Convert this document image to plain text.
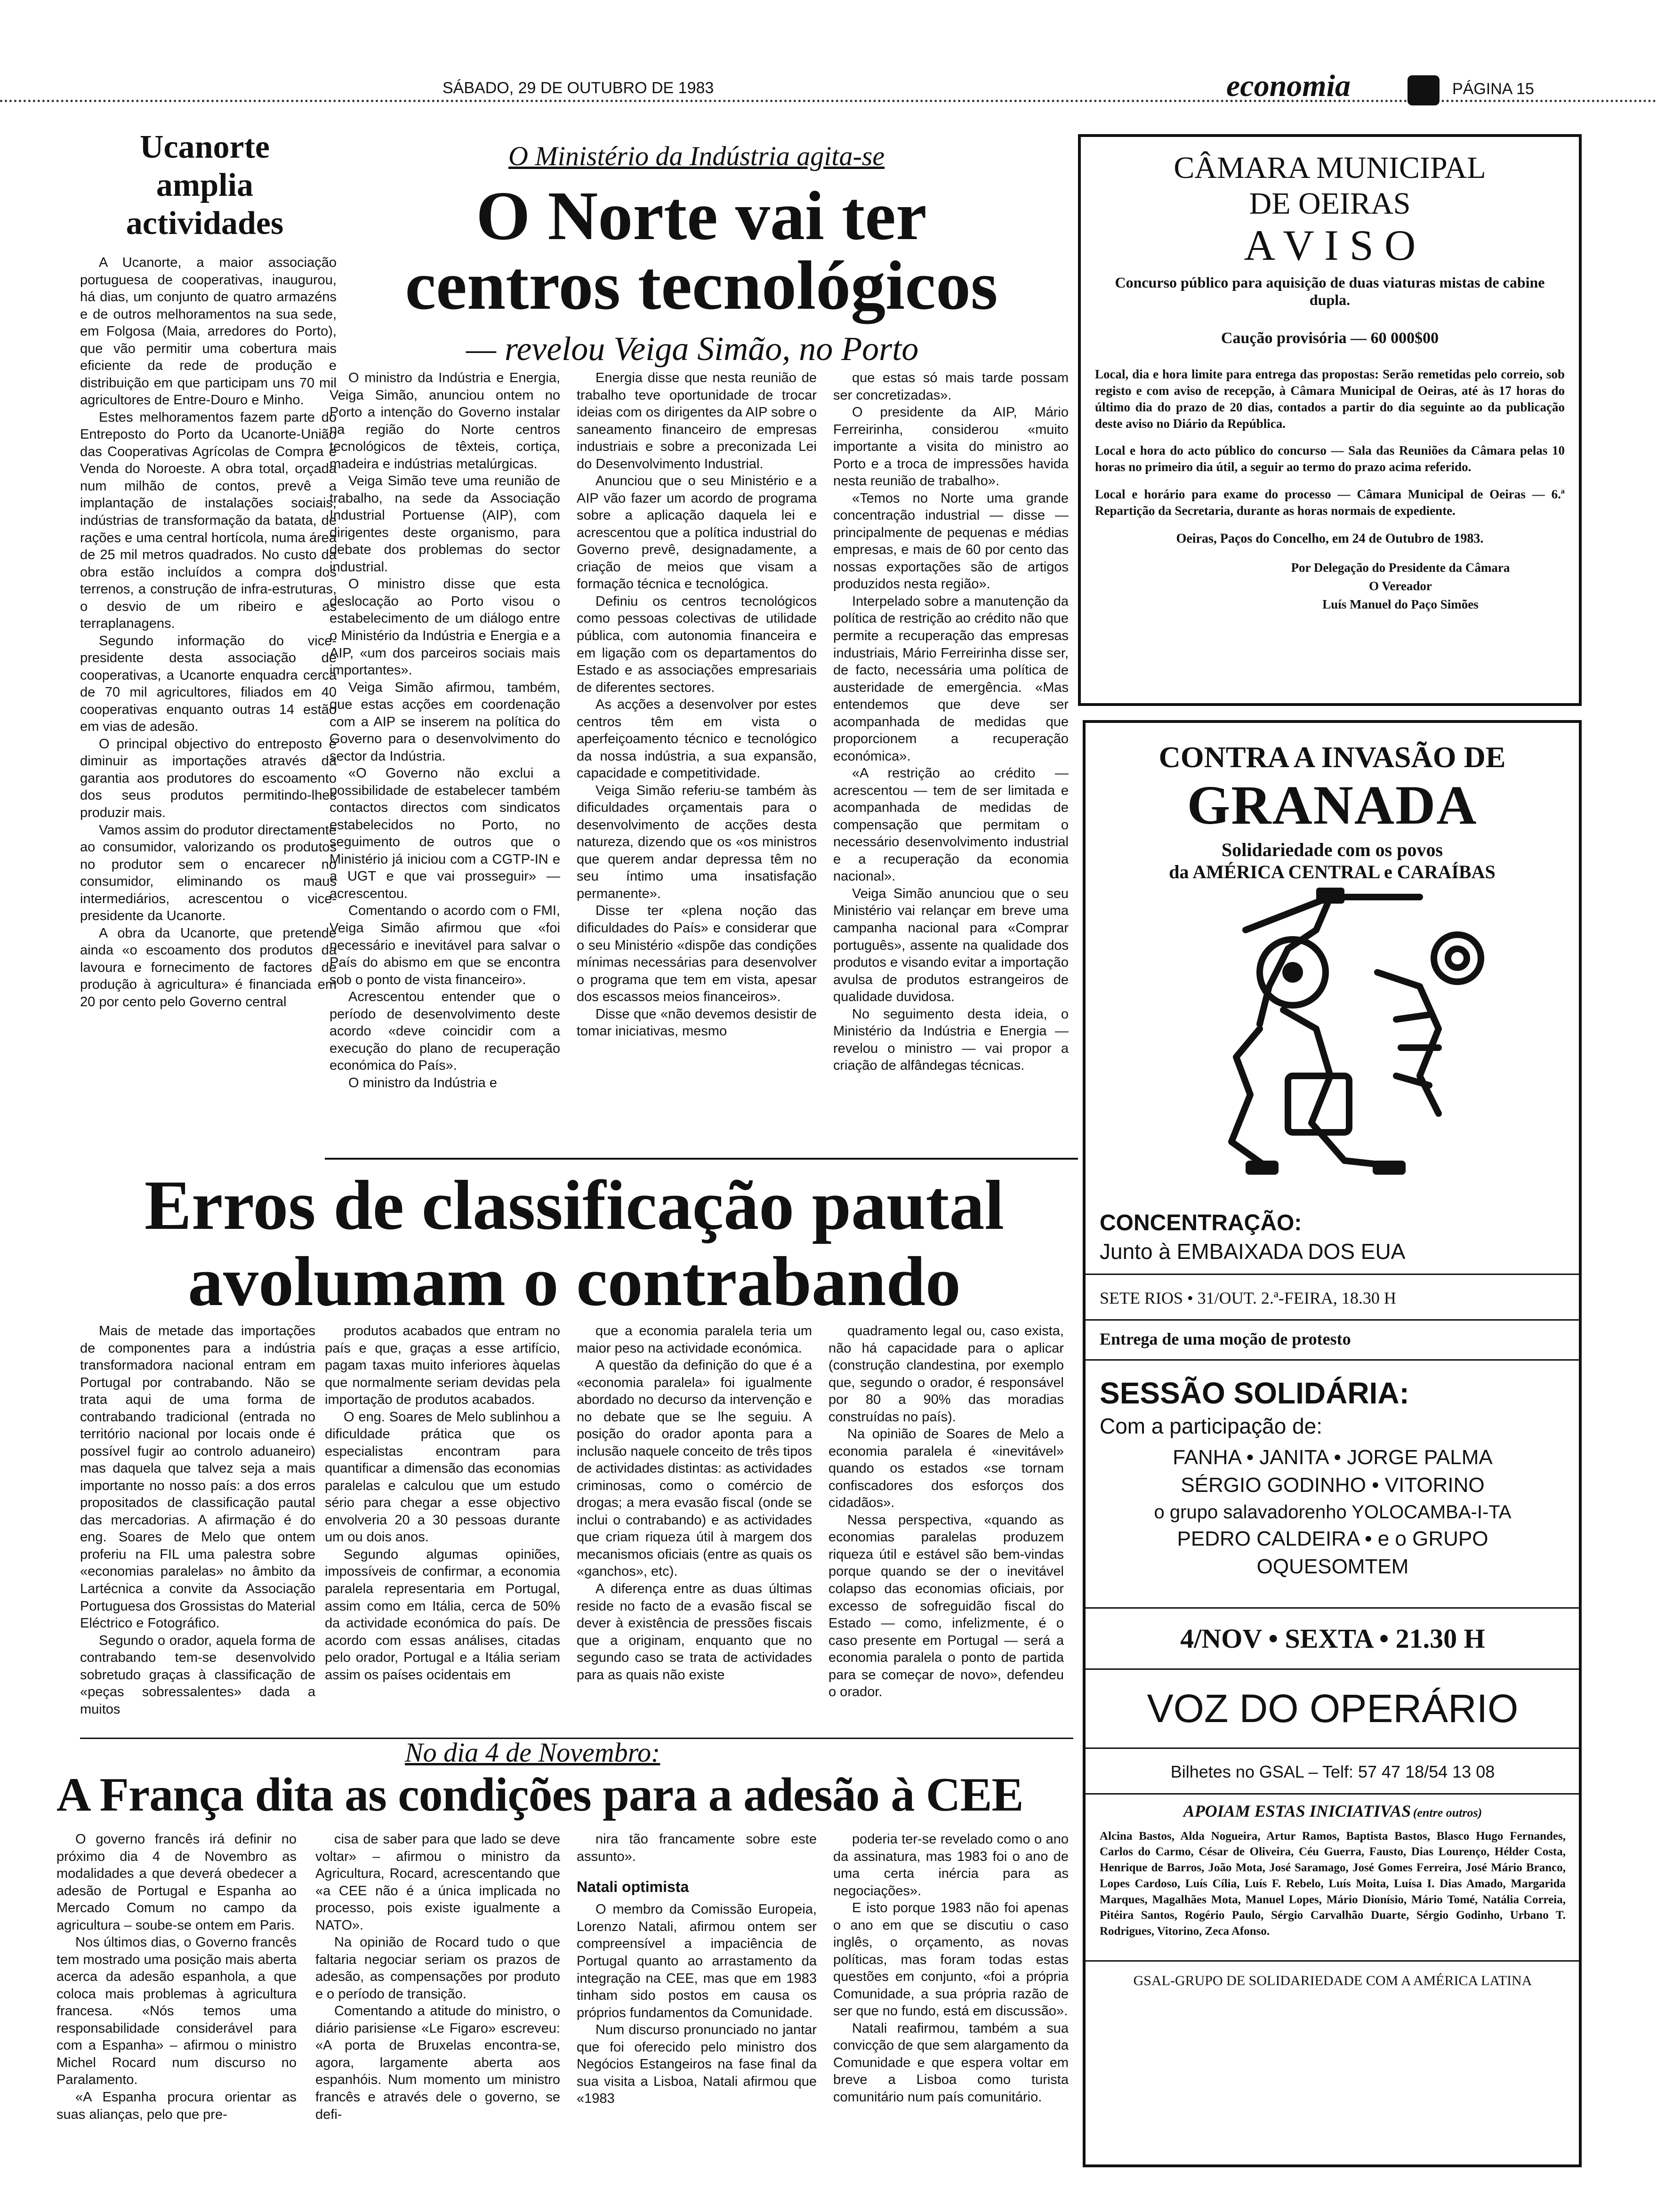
SÁBADO, 29 DE OUTUBRO DE 1983	economia	PÁGINA 15
Ucanorte
amplia
actividades

A Ucanorte, a maior associação portuguesa de cooperativas, inaugurou, há dias, um conjunto de quatro armazéns e de outros melhoramentos na sua sede, em Folgosa (Maia, arredores do Porto), que vão permitir uma cobertura mais eficiente da rede de produção e distribuição em que participam uns 70 mil agricultores de Entre-Douro e Minho.

Estes melhoramentos fazem parte do Entreposto do Porto da Ucanorte-União das Cooperativas Agrícolas de Compra e Venda do Noroeste. A obra total, orçada num milhão de contos, prevê a implantação de instalações sociais, indústrias de transformação da batata, de rações e uma central hortícola, numa área de 25 mil metros quadrados. No custo da obra estão incluídos a compra dos terrenos, a construção de infra-estruturas, o desvio de um ribeiro e as terraplanagens.

Segundo informação do vice-presidente desta associação de cooperativas, a Ucanorte enquadra cerca de 70 mil agricultores, filiados em 40 cooperativas enquanto outras 14 estão em vias de adesão.

O principal objectivo do entreposto é diminuir as importações através da garantia aos produtores do escoamento dos seus produtos permitindo-lhes produzir mais.

Vamos assim do produtor directamente ao consumidor, valorizando os produtos no produtor sem o encarecer no consumidor, eliminando os maus intermediários, acrescentou o vice-presidente da Ucanorte.

A obra da Ucanorte, que pretende ainda «o escoamento dos produtos da lavoura e fornecimento de factores de produção à agricultura» é financiada em 20 por cento pelo Governo central

O Ministério da Indústria agita-se
O Norte vai ter
centros tecnológicos
— revelou Veiga Simão, no Porto

O ministro da Indústria e Energia, Veiga Simão, anunciou ontem no Porto a intenção do Governo instalar na região do Norte centros tecnológicos de têxteis, cortiça, madeira e indústrias metalúrgicas.

Veiga Simão teve uma reunião de trabalho, na sede da Associação Industrial Portuense (AIP), com dirigentes deste organismo, para debate dos problemas do sector industrial.

O ministro disse que esta deslocação ao Porto visou o estabelecimento de um diálogo entre o Ministério da Indústria e Energia e a AIP, «um dos parceiros sociais mais importantes».

Veiga Simão afirmou, também, que estas acções em coordenação com a AIP se inserem na política do Governo para o desenvolvimento do sector da Indústria.

«O Governo não exclui a possibilidade de estabelecer também contactos directos com sindicatos estabelecidos no Porto, no seguimento de outros que o Ministério já iniciou com a CGTP-IN e a UGT e que vai prosseguir» — acrescentou.

Comentando o acordo com o FMI, Veiga Simão afirmou que «foi necessário e inevitável para salvar o País do abismo em que se encontra sob o ponto de vista financeiro».

Acrescentou entender que o período de desenvolvimento deste acordo «deve coincidir com a execução do plano de recuperação económica do País».

O ministro da Indústria e

Energia disse que nesta reunião de trabalho teve oportunidade de trocar ideias com os dirigentes da AIP sobre o saneamento financeiro de empresas industriais e sobre a preconizada Lei do Desenvolvimento Industrial.

Anunciou que o seu Ministério e a AIP vão fazer um acordo de programa sobre a aplicação daquela lei e acrescentou que a política industrial do Governo prevê, designadamente, a criação de meios que visam a formação técnica e tecnológica.

Definiu os centros tecnológicos como pessoas colectivas de utilidade pública, com autonomia financeira e em ligação com os departamentos do Estado e as associações empresariais de diferentes sectores.

As acções a desenvolver por estes centros têm em vista o aperfeiçoamento técnico e tecnológico da nossa indústria, a sua expansão, capacidade e competitividade.

Veiga Simão referiu-se também às dificuldades orçamentais para o desenvolvimento de acções desta natureza, dizendo que os «os ministros que querem andar depressa têm no seu íntimo uma insatisfação permanente».

Disse ter «plena noção das dificuldades do País» e considerar que o seu Ministério «dispõe das condições mínimas necessárias para desenvolver o programa que tem em vista, apesar dos escassos meios financeiros».

Disse que «não devemos desistir de tomar iniciativas, mesmo

que estas só mais tarde possam ser concretizadas».

O presidente da AIP, Mário Ferreirinha, considerou «muito importante a visita do ministro ao Porto e a troca de impressões havida nesta reunião de trabalho».

«Temos no Norte uma grande concentração industrial — disse — principalmente de pequenas e médias empresas, e mais de 60 por cento das nossas exportações são de artigos produzidos nesta região».

Interpelado sobre a manutenção da política de restrição ao crédito não que permite a recuperação das empresas industriais, Mário Ferreirinha disse ser, de facto, necessária uma política de austeridade de emergência. «Mas entendemos que deve ser acompanhada de medidas que proporcionem a recuperação económica».

«A restrição ao crédito — acrescentou — tem de ser limitada e acompanhada de medidas de compensação que permitam o necessário desenvolvimento industrial e a recuperação da economia nacional».

Veiga Simão anunciou que o seu Ministério vai relançar em breve uma campanha nacional para «Comprar português», assente na qualidade dos produtos e visando evitar a importação avulsa de produtos estrangeiros de qualidade duvidosa.

No seguimento desta ideia, o Ministério da Indústria e Energia — revelou o ministro — vai propor a criação de alfândegas técnicas.

Erros de classificação pautal
avolumam o contrabando

Mais de metade das importações de componentes para a indústria transformadora nacional entram em Portugal por contrabando. Não se trata aqui de uma forma de contrabando tradicional (entrada no território nacional por locais onde é possível fugir ao controlo aduaneiro) mas daquela que talvez seja a mais importante no nosso país: a dos erros propositados de classificação pautal das mercadorias. A afirmação é do eng. Soares de Melo que ontem proferiu na FIL uma palestra sobre «economias paralelas» no âmbito da Lartécnica a convite da Associação Portuguesa dos Grossistas do Material Eléctrico e Fotográfico.

Segundo o orador, aquela forma de contrabando tem-se desenvolvido sobretudo graças à classificação de «peças sobressalentes» dada a muitos

produtos acabados que entram no país e que, graças a esse artifício, pagam taxas muito inferiores àquelas que normalmente seriam devidas pela importação de produtos acabados.

O eng. Soares de Melo sublinhou a dificuldade prática que os especialistas encontram para quantificar a dimensão das economias paralelas e calculou que um estudo sério para chegar a esse objectivo envolveria 20 a 30 pessoas durante um ou dois anos.

Segundo algumas opiniões, impossíveis de confirmar, a economia paralela representaria em Portugal, assim como em Itália, cerca de 50% da actividade económica do país. De acordo com essas análises, citadas pelo orador, Portugal e a Itália seriam assim os países ocidentais em

que a economia paralela teria um maior peso na actividade económica.

A questão da definição do que é a «economia paralela» foi igualmente abordado no decurso da intervenção e no debate que se lhe seguiu. A posição do orador aponta para a inclusão naquele conceito de três tipos de actividades distintas: as actividades criminosas, como o comércio de drogas; a mera evasão fiscal (onde se inclui o contrabando) e as actividades que criam riqueza útil à margem dos mecanismos oficiais (entre as quais os «ganchos», etc).

A diferença entre as duas últimas reside no facto de a evasão fiscal se dever à existência de pressões fiscais que a originam, enquanto que no segundo caso se trata de actividades para as quais não existe

quadramento legal ou, caso exista, não há capacidade para o aplicar (construção clandestina, por exemplo que, segundo o orador, é responsável por 80 a 90% das moradias construídas no país).

Na opinião de Soares de Melo a economia paralela é «inevitável» quando os estados «se tornam confiscadores dos esforços dos cidadãos».

Nessa perspectiva, «quando as economias paralelas produzem riqueza útil e estável são bem-vindas porque quando se der o inevitável colapso das economias oficiais, por excesso de sofreguidão fiscal do Estado — como, infelizmente, é o caso presente em Portugal — será a economia paralela o ponto de partida para se começar de novo», defendeu o orador.

No dia 4 de Novembro:
A França dita as condições para a adesão à CEE

O governo francês irá definir no próximo dia 4 de Novembro as modalidades a que deverá obedecer a adesão de Portugal e Espanha ao Mercado Comum no campo da agricultura – soube-se ontem em Paris.

Nos últimos dias, o Governo francês tem mostrado uma posição mais aberta acerca da adesão espanhola, a que coloca mais problemas à agricultura francesa. «Nós temos uma responsabilidade considerável para com a Espanha» – afirmou o ministro Michel Rocard num discurso no Paralamento.

«A Espanha procura orientar as suas alianças, pelo que pre-

cisa de saber para que lado se deve voltar» – afirmou o ministro da Agricultura, Rocard, acrescentando que «a CEE não é a única implicada no processo, pois existe igualmente a NATO».

Na opinião de Rocard tudo o que faltaria negociar seriam os prazos de adesão, as compensações por produto e o período de transição.

Comentando a atitude do ministro, o diário parisiense «Le Figaro» escreveu: «A porta de Bruxelas encontra-se, agora, largamente aberta aos espanhóis. Num momento um ministro francês e através dele o governo, se defi-

nira tão francamente sobre este assunto».

Natali optimista

O membro da Comissão Europeia, Lorenzo Natali, afirmou ontem ser compreensível a impaciência de Portugal quanto ao arrastamento da integração na CEE, mas que em 1983 tinham sido postos em causa os próprios fundamentos da Comunidade.

Num discurso pronunciado no jantar que foi oferecido pelo ministro dos Negócios Estangeiros na fase final da sua visita a Lisboa, Natali afirmou que «1983

poderia ter-se revelado como o ano da assinatura, mas 1983 foi o ano de uma certa inércia para as negociações».

E isto porque 1983 não foi apenas o ano em que se discutiu o caso inglês, o orçamento, as novas políticas, mas foram todas estas questões em conjunto, «foi a própria Comunidade, a sua própria razão de ser que no fundo, está em discussão».

Natali reafirmou, também a sua convicção de que sem alargamento da Comunidade e que espera voltar em breve a Lisboa como turista comunitário num país comunitário.

CÂMARA MUNICIPAL
DE OEIRAS
A V I S O
Concurso público para aquisição de duas viaturas mistas de cabine dupla.
Caução provisória — 60 000$00
Local, dia e hora limite para entrega das propostas: Serão remetidas pelo correio, sob registo e com aviso de recepção, à Câmara Municipal de Oeiras, até às 17 horas do último dia do prazo de 20 dias, contados a partir do dia seguinte ao da publicação deste aviso no Diário da República.
Local e hora do acto público do concurso — Sala das Reuniões da Câmara pelas 10 horas no primeiro dia útil, a seguir ao termo do prazo acima referido.
Local e horário para exame do processo — Câmara Municipal de Oeiras — 6.ª Repartição da Secretaria, durante as horas normais de expediente.
Oeiras, Paços do Concelho, em 24 de Outubro de 1983.
Por Delegação do Presidente da Câmara
O Vereador
Luís Manuel do Paço Simões
CONTRA A INVASÃO DE
GRANADA
Solidariedade com os povos
da AMÉRICA CENTRAL e CARAÍBAS
CONCENTRAÇÃO:
Junto à EMBAIXADA DOS EUA
SETE RIOS • 31/OUT. 2.ª-FEIRA, 18.30 H
Entrega de uma moção de protesto
SESSÃO SOLIDÁRIA:
Com a participação de:
FANHA • JANITA • JORGE PALMA
SÉRGIO GODINHO • VITORINO
o grupo salavadorenho YOLOCAMBA-I-TA
PEDRO CALDEIRA • e o GRUPO
OQUESOMTEM
4/NOV • SEXTA • 21.30 H
VOZ DO OPERÁRIO
Bilhetes no GSAL – Telf: 57 47 18/54 13 08
APOIAM ESTAS INICIATIVAS (entre outros)
Alcina Bastos, Alda Nogueira, Artur Ramos, Baptista Bastos, Blasco Hugo Fernandes, Carlos do Carmo, César de Oliveira, Céu Guerra, Fausto, Dias Lourenço, Hélder Costa, Henrique de Barros, João Mota, José Saramago, José Gomes Ferreira, José Mário Branco, Lopes Cardoso, Luís Cília, Luís F. Rebelo, Luís Moita, Luísa I. Dias Amado, Margarida Marques, Magalhães Mota, Manuel Lopes, Mário Dionísio, Mário Tomé, Natália Correia, Pitéira Santos, Rogério Paulo, Sérgio Carvalhão Duarte, Sérgio Godinho, Urbano T. Rodrigues, Vitorino, Zeca Afonso.
GSAL-GRUPO DE SOLIDARIEDADE COM A AMÉRICA LATINA
